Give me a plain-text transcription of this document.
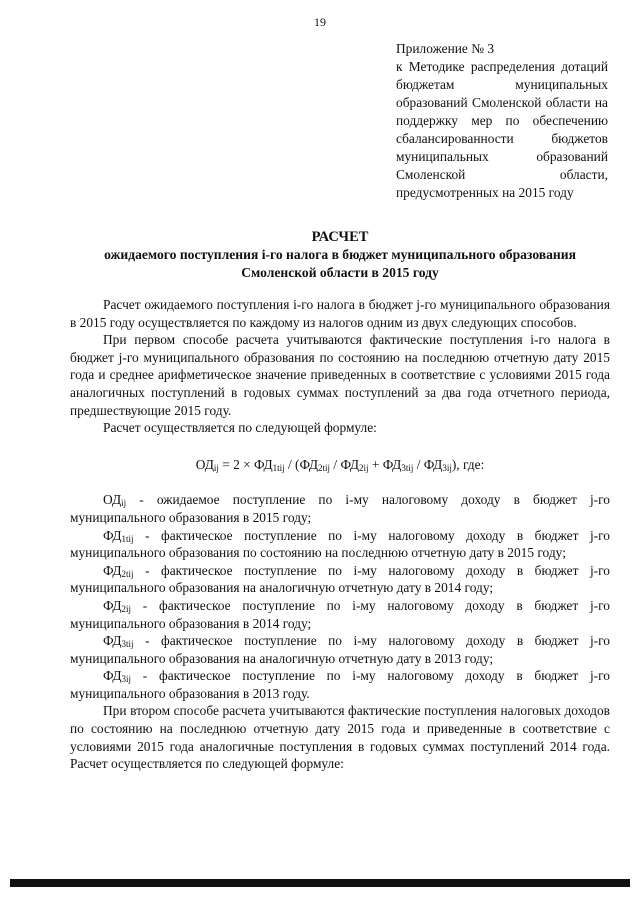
19
Приложение № 3
к Методике распределения дотаций бюджетам муниципальных образований Смоленской области на поддержку мер по обеспечению сбалансированности бюджетов муниципальных образований Смоленской области, предусмотренных на 2015 году
РАСЧЕТ
ожидаемого поступления i-го налога в бюджет муниципального образования Смоленской области в 2015 году

Расчет ожидаемого поступления i-го налога в бюджет j-го муниципального образования в 2015 году осуществляется по каждому из налогов одним из двух следующих способов.

При первом способе расчета учитываются фактические поступления i-го налога в бюджет j-го муниципального образования по состоянию на последнюю отчетную дату 2015 года и среднее арифметическое значение приведенных в соответствие с условиями 2015 года аналогичных поступлений в годовых суммах поступлений за два года отчетного периода, предшествующие 2015 году.

Расчет осуществляется по следующей формуле:

$ОД_{ij} = 2 \times ФД_{1tij} / (ФД_{2tij} / ФД_{2ij} + ФД_{3tij} / ФД_{3ij})$, где:

$ОД_{ij}$ - ожидаемое поступление по i-му налоговому доходу в бюджет j-го муниципального образования в 2015 году;

$ФД_{1tij}$ - фактическое поступление по i-му налоговому доходу в бюджет j-го муниципального образования по состоянию на последнюю отчетную дату в 2015 году;

$ФД_{2tij}$ - фактическое поступление по i-му налоговому доходу в бюджет j-го муниципального образования на аналогичную отчетную дату в 2014 году;

$ФД_{2ij}$ - фактическое поступление по i-му налоговому доходу в бюджет j-го муниципального образования в 2014 году;

$ФД_{3tij}$ - фактическое поступление по i-му налоговому доходу в бюджет j-го муниципального образования на аналогичную отчетную дату в 2013 году;

$ФД_{3ij}$ - фактическое поступление по i-му налоговому доходу в бюджет j-го муниципального образования в 2013 году.

При втором способе расчета учитываются фактические поступления налоговых доходов по состоянию на последнюю отчетную дату 2015 года и приведенные в соответствие с условиями 2015 года аналогичные поступления в годовых суммах поступлений 2014 года. Расчет осуществляется по следующей формуле:
